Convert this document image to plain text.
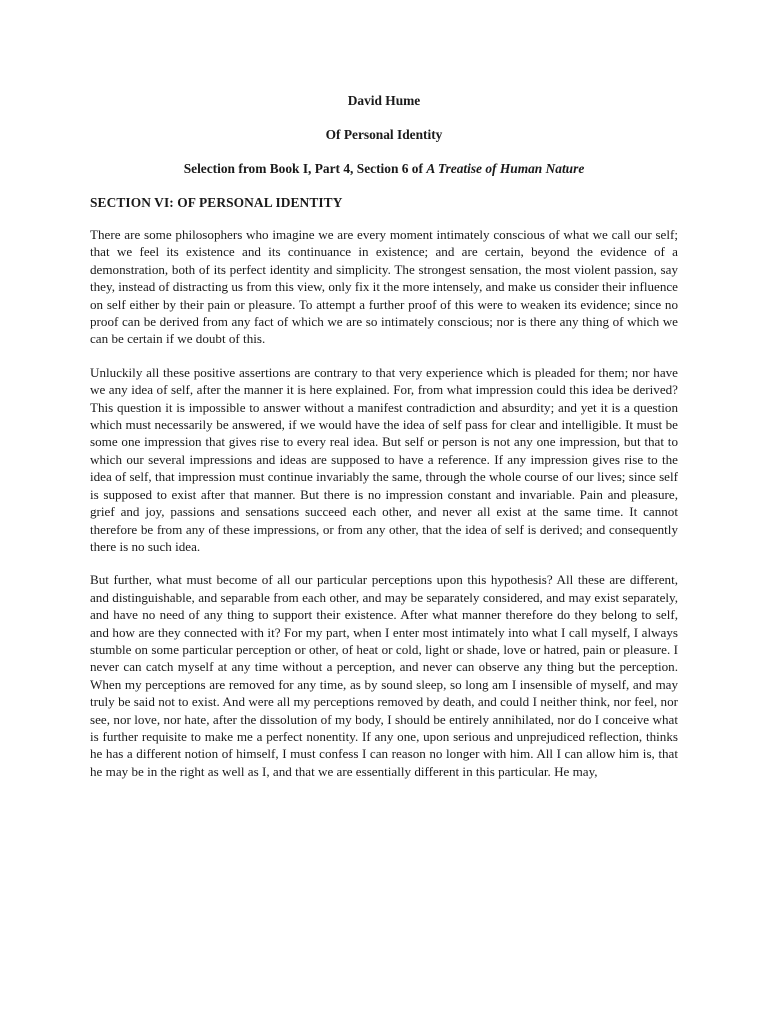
David Hume
Of Personal Identity
Selection from Book I, Part 4, Section 6 of A Treatise of Human Nature
SECTION VI: OF PERSONAL IDENTITY

There are some philosophers who imagine we are every moment intimately conscious of what we call our self; that we feel its existence and its continuance in existence; and are certain, beyond the evidence of a demonstration, both of its perfect identity and simplicity. The strongest sensation, the most violent passion, say they, instead of distracting us from this view, only fix it the more intensely, and make us consider their influence on self either by their pain or pleasure. To attempt a further proof of this were to weaken its evidence; since no proof can be derived from any fact of which we are so intimately conscious; nor is there any thing of which we can be certain if we doubt of this.

Unluckily all these positive assertions are contrary to that very experience which is pleaded for them; nor have we any idea of self, after the manner it is here explained. For, from what impression could this idea be derived? This question it is impossible to answer without a manifest contradiction and absurdity; and yet it is a question which must necessarily be answered, if we would have the idea of self pass for clear and intelligible. It must be some one impression that gives rise to every real idea. But self or person is not any one impression, but that to which our several impressions and ideas are supposed to have a reference. If any impression gives rise to the idea of self, that impression must continue invariably the same, through the whole course of our lives; since self is supposed to exist after that manner. But there is no impression constant and invariable. Pain and pleasure, grief and joy, passions and sensations succeed each other, and never all exist at the same time. It cannot therefore be from any of these impressions, or from any other, that the idea of self is derived; and consequently there is no such idea.

But further, what must become of all our particular perceptions upon this hypothesis? All these are different, and distinguishable, and separable from each other, and may be separately considered, and may exist separately, and have no need of any thing to support their existence. After what manner therefore do they belong to self, and how are they connected with it? For my part, when I enter most intimately into what I call myself, I always stumble on some particular perception or other, of heat or cold, light or shade, love or hatred, pain or pleasure. I never can catch myself at any time without a perception, and never can observe any thing but the perception. When my perceptions are removed for any time, as by sound sleep, so long am I insensible of myself, and may truly be said not to exist. And were all my perceptions removed by death, and could I neither think, nor feel, nor see, nor love, nor hate, after the dissolution of my body, I should be entirely annihilated, nor do I conceive what is further requisite to make me a perfect nonentity. If any one, upon serious and unprejudiced reflection, thinks he has a different notion of himself, I must confess I can reason no longer with him. All I can allow him is, that he may be in the right as well as I, and that we are essentially different in this particular. He may,
